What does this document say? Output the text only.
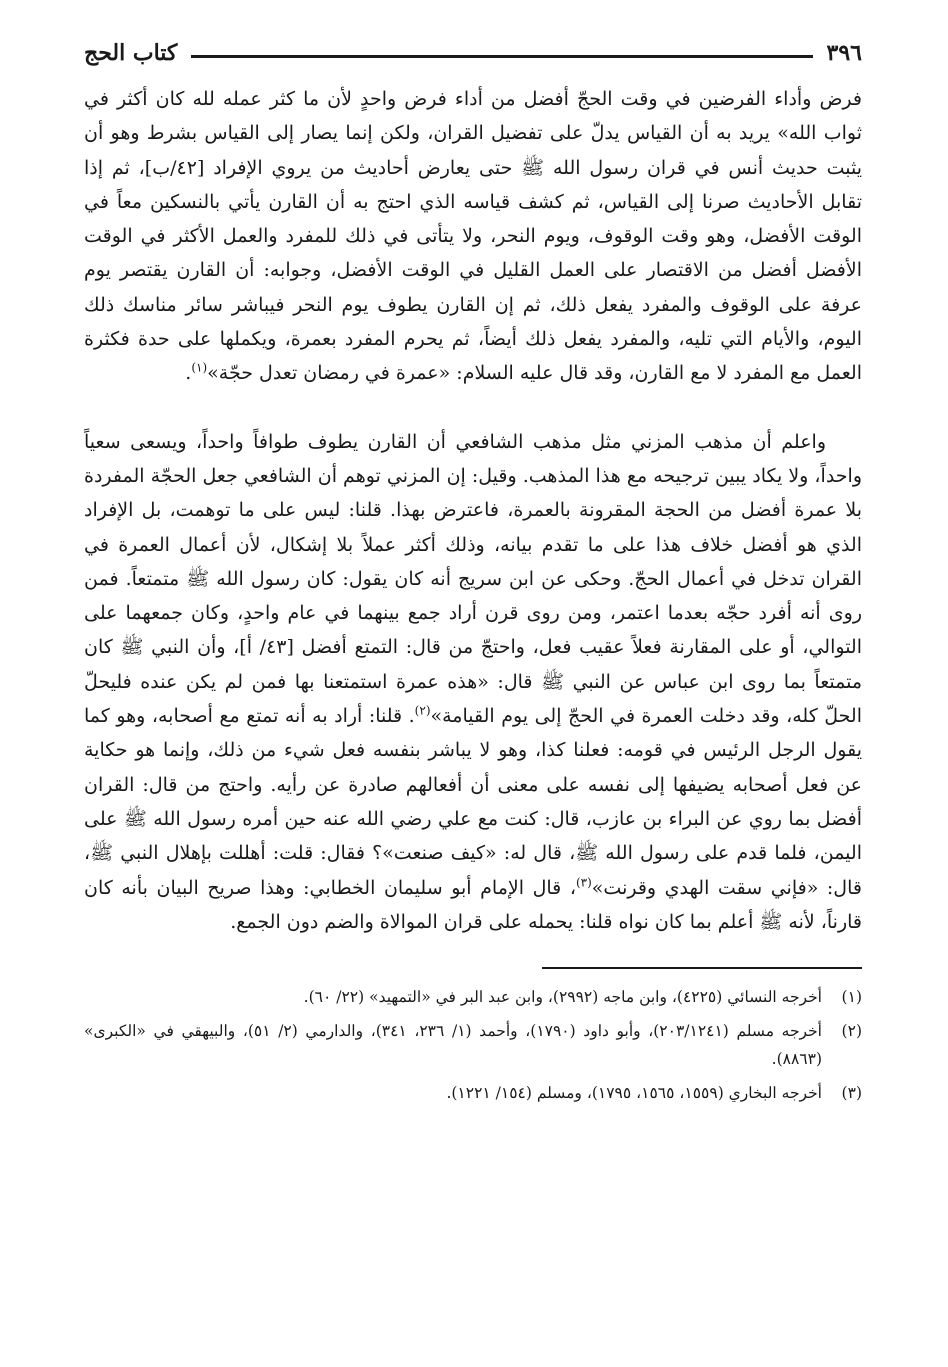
٣٩٦
كتاب الحج

فرض وأداء الفرضين في وقت الحجّ أفضل من أداء فرض واحدٍ لأن ما كثر عمله لله كان أكثر في ثواب الله» يريد به أن القياس يدلّ على تفضيل القران، ولكن إنما يصار إلى القياس بشرط وهو أن يثبت حديث أنس في قران رسول الله ﷺ حتى يعارض أحاديث من يروي الإفراد [٤٢/ب]، ثم إذا تقابل الأحاديث صرنا إلى القياس، ثم كشف قياسه الذي احتج به أن القارن يأتي بالنسكين معاً في الوقت الأفضل، وهو وقت الوقوف، ويوم النحر، ولا يتأتى في ذلك للمفرد والعمل الأكثر في الوقت الأفضل أفضل من الاقتصار على العمل القليل في الوقت الأفضل، وجوابه: أن القارن يقتصر يوم عرفة على الوقوف والمفرد يفعل ذلك، ثم إن القارن يطوف يوم النحر فيباشر سائر مناسك ذلك اليوم، والأيام التي تليه، والمفرد يفعل ذلك أيضاً، ثم يحرم المفرد بعمرة، ويكملها على حدة فكثرة العمل مع المفرد لا مع القارن، وقد قال عليه السلام: «عمرة في رمضان تعدل حجّة»$^{(١)}$.

واعلم أن مذهب المزني مثل مذهب الشافعي أن القارن يطوف طوافاً واحداً، ويسعى سعياً واحداً، ولا يكاد يبين ترجيحه مع هذا المذهب. وقيل: إن المزني توهم أن الشافعي جعل الحجّة المفردة بلا عمرة أفضل من الحجة المقرونة بالعمرة، فاعترض بهذا. قلنا: ليس على ما توهمت، بل الإفراد الذي هو أفضل خلاف هذا على ما تقدم بيانه، وذلك أكثر عملاً بلا إشكال، لأن أعمال العمرة في القران تدخل في أعمال الحجّ. وحكى عن ابن سريج أنه كان يقول: كان رسول الله ﷺ متمتعاً. فمن روى أنه أفرد حجّه بعدما اعتمر، ومن روى قرن أراد جمع بينهما في عام واحدٍ، وكان جمعهما على التوالي، أو على المقارنة فعلاً عقيب فعل، واحتجّ من قال: التمتع أفضل [٤٣/ أ]، وأن النبي ﷺ كان متمتعاً بما روى ابن عباس عن النبي ﷺ قال: «هذه عمرة استمتعنا بها فمن لم يكن عنده فليحلّ الحلّ كله، وقد دخلت العمرة في الحجّ إلى يوم القيامة»$^{(٢)}$. قلنا: أراد به أنه تمتع مع أصحابه، وهو كما يقول الرجل الرئيس في قومه: فعلنا كذا، وهو لا يباشر بنفسه فعل شيء من ذلك، وإنما هو حكاية عن فعل أصحابه يضيفها إلى نفسه على معنى أن أفعالهم صادرة عن رأيه. واحتج من قال: القران أفضل بما روي عن البراء بن عازب، قال: كنت مع علي رضي الله عنه حين أمره رسول الله ﷺ على اليمن، فلما قدم على رسول الله ﷺ، قال له: «كيف صنعت»؟ فقال: قلت: أهللت بإهلال النبي ﷺ، قال: «فإني سقت الهدي وقرنت»$^{(٣)}$، قال الإمام أبو سليمان الخطابي: وهذا صريح البيان بأنه كان قارناً، لأنه ﷺ أعلم بما كان نواه قلنا: يحمله على قران الموالاة والضم دون الجمع.

(١)
أخرجه النسائي (٤٢٢٥)، وابن ماجه (٢٩٩٢)، وابن عبد البر في «التمهيد» (٢٢/ ٦٠).
(٢)
أخرجه مسلم (٢٠٣/١٢٤١)، وأبو داود (١٧٩٠)، وأحمد (١/ ٢٣٦، ٣٤١)، والدارمي (٢/ ٥١)، والبيهقي في «الكبرى» (٨٨٦٣).
(٣)
أخرجه البخاري (١٥٥٩، ١٥٦٥، ١٧٩٥)، ومسلم (١٥٤/ ١٢٢١).
